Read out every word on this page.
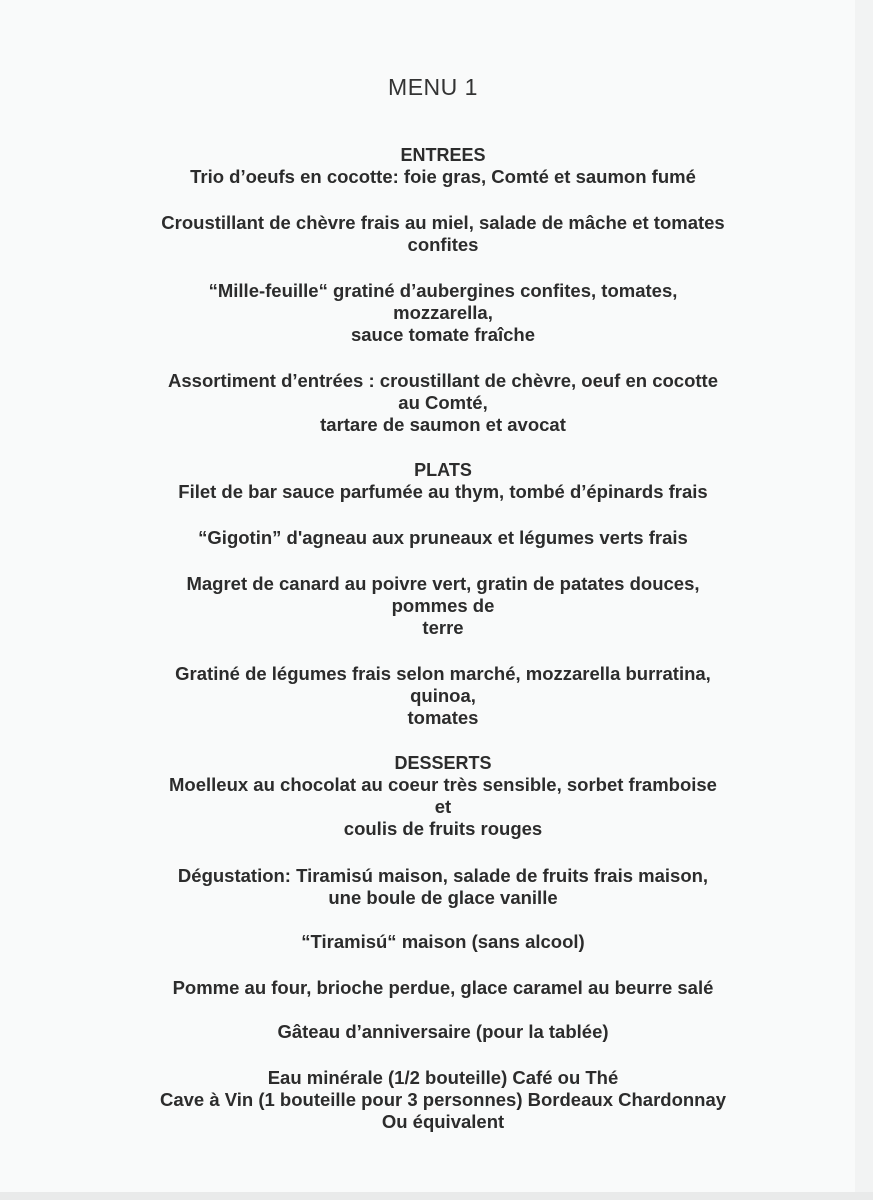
MENU 1
ENTREES
Trio d’oeufs en cocotte: foie gras, Comté et saumon fumé
Croustillant de chèvre frais au miel, salade de mâche et tomates
confites
“Mille-feuille“ gratiné d’aubergines confites, tomates,
mozzarella,
sauce tomate fraîche
Assortiment d’entrées : croustillant de chèvre, oeuf en cocotte
au Comté,
tartare de saumon et avocat
PLATS
Filet de bar sauce parfumée au thym, tombé d’épinards frais
“Gigotin” d'agneau aux pruneaux et légumes verts frais
Magret de canard au poivre vert, gratin de patates douces,
pommes de
terre
Gratiné de légumes frais selon marché, mozzarella burratina,
quinoa,
tomates
DESSERTS
Moelleux au chocolat au coeur très sensible, sorbet framboise
et
coulis de fruits rouges
Dégustation: Tiramisú maison, salade de fruits frais maison,
une boule de glace vanille
“Tiramisú“ maison (sans alcool)
Pomme au four, brioche perdue, glace caramel au beurre salé
Gâteau d’anniversaire (pour la tablée)
Eau minérale (1/2 bouteille) Café ou Thé
Cave à Vin (1 bouteille pour 3 personnes) Bordeaux Chardonnay
Ou équivalent
